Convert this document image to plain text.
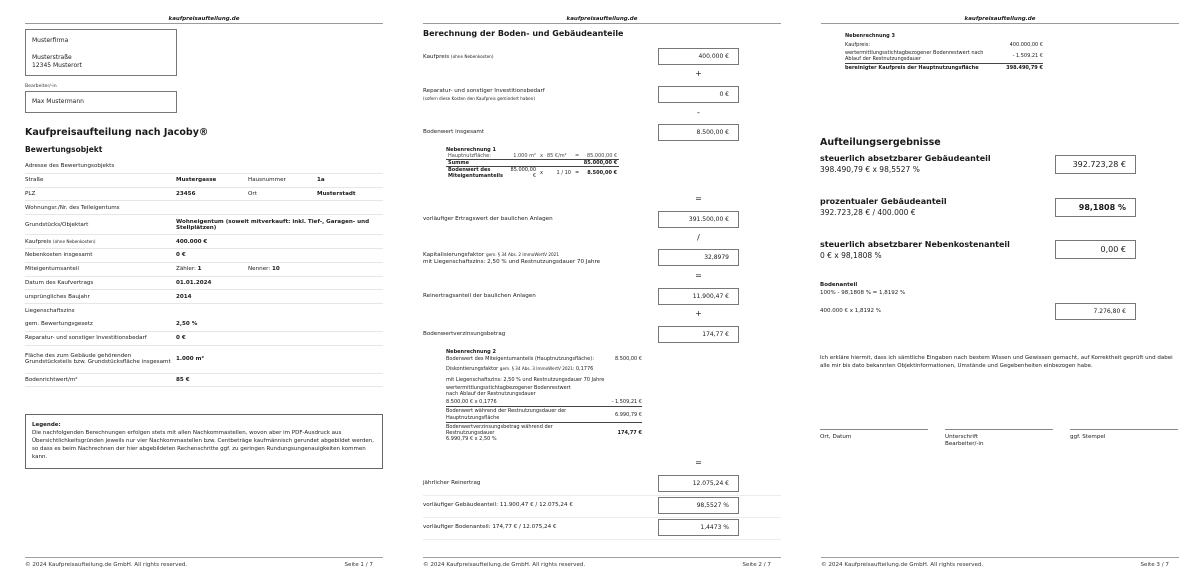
kaufpreisaufteilung.de
Musterfirma
Musterstraße
12345 Musterort
Bearbeiter/-in
Max Mustermann
Kaufpreisaufteilung nach Jacoby®
Bewertungsobjekt
Adresse des Bewertungsobjekts
Straße	Mustergasse	Hausnummer	1a
PLZ	23456	Ort	Musterstadt
Wohnungsr./Nr. des Teileigentums
Grundstücks/Objektart	Wohneigentum (soweit mitverkauft: inkl. Tief-, Garagen- und Stellplätzen)
Kaufpreis (ohne Nebenkosten)	400.000 €
Nebenkosten insgesamt	0 €
Miteigentumsanteil	Zähler: 1	Nenner: 10
Datum des Kaufvertrags	01.01.2024
ursprüngliches Baujahr	2014
Liegenschaftszins
gem. Bewertungsgesetz	2,50 %
Reparatur- und sonstiger Investitionsbedarf	0 €
Fläche des zum Gebäude gehörenden Grundstücksteils bzw. Grundstücksfläche insgesamt 1.000 m²
Bodenrichtwert/m²	85 €
Legende:
Die nachfolgenden Berechnungen erfolgen stets mit allen Nachkommastellen, wovon aber im PDF-Ausdruck aus Übersichtlichkeitsgründen jeweils nur vier Nachkommastellen bzw. Centbeträge kaufmännisch gerundet abgebildet werden, so dass es beim Nachrechnen der hier abgebildeten Rechenschritte ggf. zu geringen Rundungsungenauigkeiten kommen kann.
© 2024 Kaufpreisaufteilung.de GmbH. All rights reserved.	Seite 1 / 7
kaufpreisaufteilung.de
Berechnung der Boden- und Gebäudeanteile
Kaufpreis (ohne Nebenkosten)	400.000 €
+
Reparatur- und sonstiger Investitionsbedarf
(sofern diese Kosten den Kaufpreis gemindert haben)
0 €
-
Bodenwert insgesamt	8.500,00 €
Nebenrechnung 1
Hauptnutzfläche:	1.000 m²	x	85 €/m²	=	85.000,00 €
Summe					85.000,00 €
Bodenwert des Miteigentumanteils	85.000,00 €	x	1 / 10	=	8.500,00 €
=
vorläufiger Ertragswert der baulichen Anlagen	391.500,00 €
/
Kapitalisierungsfaktor gem. § 34 Abs. 2 ImmoWertV 2021
mit Liegenschaftszins: 2,50 % und Restnutzungsdauer 70 Jahre
32,8979
=
Reinertragsanteil der baulichen Anlagen	11.900,47 €
+
Bodenwertverzinsungsbetrag	174,77 €
Nebenrechnung 2
Bodenwert des Miteigentumanteils (Hauptnutzungsfläche):	8.500,00 €
Diskontierungsfaktor gem. § 34 Abs. 3 ImmoWertV 2021: 0,1776
mit Liegenschaftszins: 2,50 % und Restnutzungsdauer 70 Jahre
wertermittlungsstichtagbezogener Bodenrestwert nach Ablauf der Restnutzungsdauer
8.500,00 € x 0,1776	- 1.509,21 €
Bodenwert während der Restnutzungsdauer der Hauptnutzungsfläche
6.990,79 €
Bodenwertverzinsungsbetrag während der Restnutzungsdauer
6.990,79 € x 2,50 %
174,77 €
=
jährlicher Reinertrag	12.075,24 €
vorläufiger Gebäudeanteil: 11.900,47 € / 12.075,24 €	98,5527 %
vorläufiger Bodenanteil: 174,77 € / 12.075,24 €	1,4473 %
© 2024 Kaufpreisaufteilung.de GmbH. All rights reserved.	Seite 2 / 7
kaufpreisaufteilung.de
Nebenrechnung 3
Kaufpreis:	400.000,00 €
wertermittlungsstichtagbezogener Bodenrestwert nach Ablauf der Restnutzungsdauer	- 1.509,21 €
bereinigter Kaufpreis der Hauptnutzungsfläche	398.490,79 €
Aufteilungsergebnisse
steuerlich absetzbarer Gebäudeanteil
398.490,79 € x 98,5527 %
392.723,28 €
prozentualer Gebäudeanteil
392.723,28 € / 400.000 €
98,1808 %
steuerlich absetzbarer Nebenkostenanteil
0 € x 98,1808 %
0,00 €
Bodenanteil
100% - 98,1808 % = 1,8192 %
400.000 € x 1,8192 %	7.276,80 €
Ich erkläre hiermit, dass ich sämtliche Eingaben nach bestem Wissen und Gewissen gemacht, auf Korrektheit geprüft und dabei alle mir bis dato bekannten Objektinformationen, Umstände und Gegebenheiten einbezogen habe.
Ort, Datum	Unterschrift
Bearbeiter/-in
ggf. Stempel
© 2024 Kaufpreisaufteilung.de GmbH. All rights reserved.	Seite 3 / 7
